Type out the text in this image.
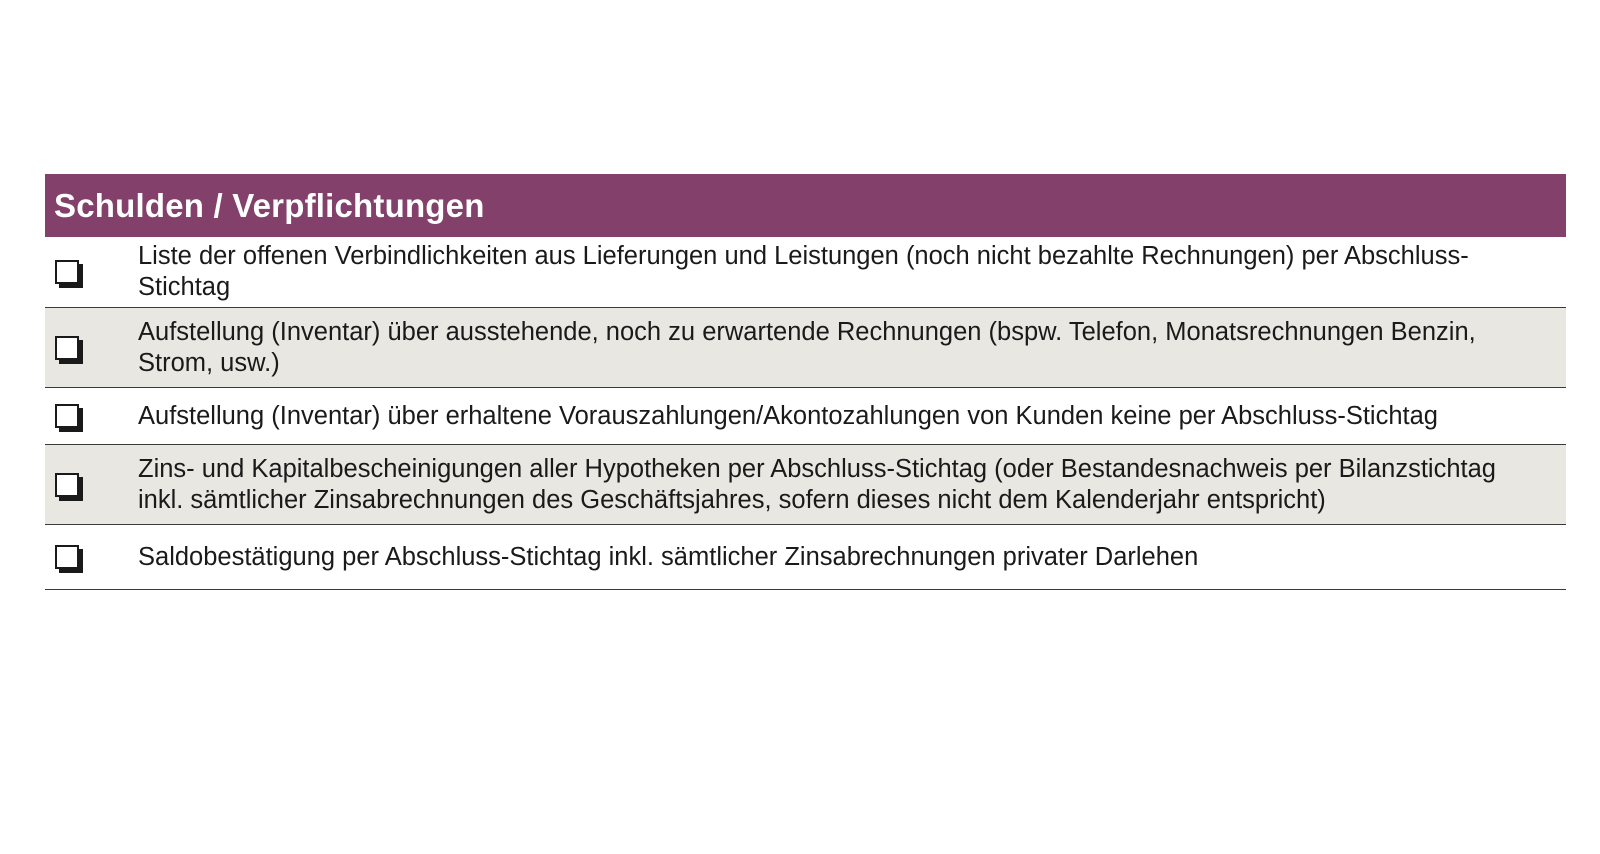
Schulden / Verpflichtungen
Liste der offenen Verbindlichkeiten aus Lieferungen und Leistungen (noch nicht bezahlte Rechnungen) per Abschluss-Stichtag
Aufstellung (Inventar) über ausstehende, noch zu erwartende Rechnungen (bspw. Telefon, Monatsrechnungen Benzin, Strom, usw.)
Aufstellung (Inventar) über erhaltene Vorauszahlungen/Akontozahlungen von Kunden keine per Abschluss-Stichtag
Zins- und Kapitalbescheinigungen aller Hypotheken per Abschluss-Stichtag (oder Bestandesnachweis per Bilanzstichtag inkl. sämtlicher Zinsabrechnungen des Geschäftsjahres, sofern dieses nicht dem Kalenderjahr entspricht)
Saldobestätigung per Abschluss-Stichtag inkl. sämtlicher Zinsabrechnungen privater Darlehen
